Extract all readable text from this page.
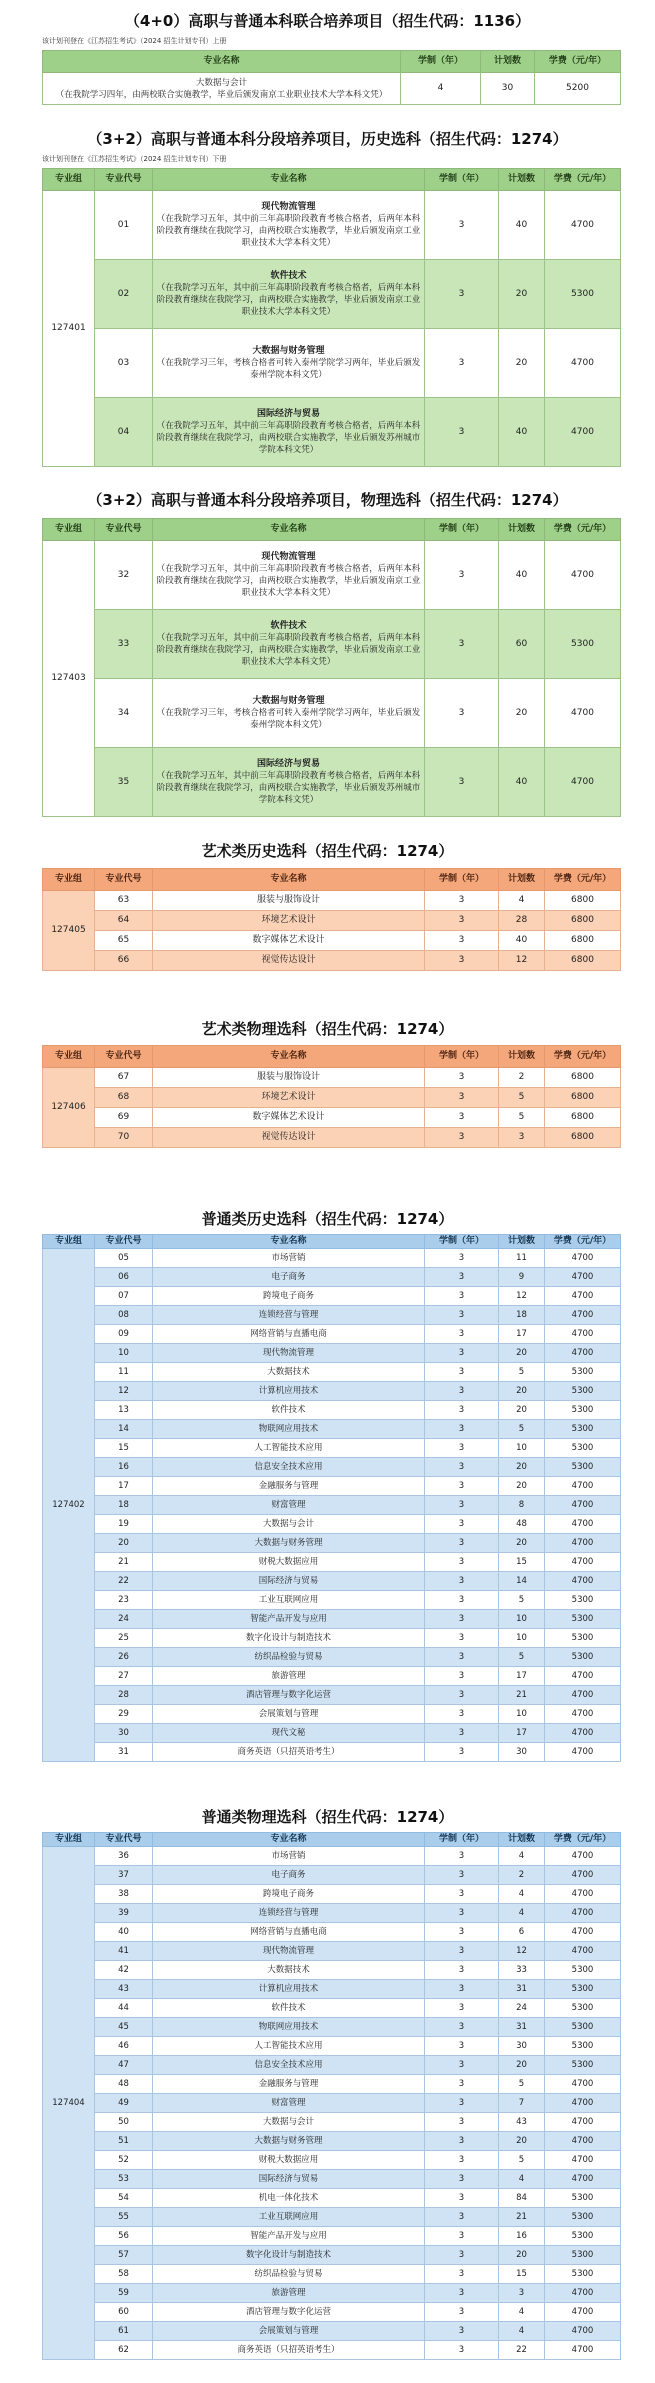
（4+0）高职与普通本科联合培养项目（招生代码：1136）
该计划刊登在《江苏招生考试》（2024 招生计划专刊）上册
专业名称	学制（年）	计划数	学费（元/年）

大数据与会计
（在我院学习四年，由两校联合实施教学，毕业后颁发南京工业职业技术大学本科文凭）	4	30	5200
（3+2）高职与普通本科分段培养项目，历史选科（招生代码：1274）
该计划刊登在《江苏招生考试》（2024 招生计划专刊）下册
专业组	专业代号	专业名称	学制（年）	计划数	学费（元/年）
127401	01	现代物流管理
（在我院学习五年，其中前三年高职阶段教育考核合格者，后两年本科阶段教育继续在我院学习，由两校联合实施教学，毕业后颁发南京工业职业技术大学本科文凭）	3	40	4700
	02	软件技术
（在我院学习五年，其中前三年高职阶段教育考核合格者，后两年本科阶段教育继续在我院学习，由两校联合实施教学，毕业后颁发南京工业职业技术大学本科文凭）	3	20	5300
	03	大数据与财务管理
（在我院学习三年，考核合格者可转入泰州学院学习两年，毕业后颁发泰州学院本科文凭）	3	20	4700
	04	国际经济与贸易
（在我院学习五年，其中前三年高职阶段教育考核合格者，后两年本科阶段教育继续在我院学习，由两校联合实施教学，毕业后颁发苏州城市学院本科文凭）	3	40	4700
（3+2）高职与普通本科分段培养项目，物理选科（招生代码：1274）
专业组	专业代号	专业名称	学制（年）	计划数	学费（元/年）
127403	32	现代物流管理
（在我院学习五年，其中前三年高职阶段教育考核合格者，后两年本科阶段教育继续在我院学习，由两校联合实施教学，毕业后颁发南京工业职业技术大学本科文凭）	3	40	4700
	33	软件技术
（在我院学习五年，其中前三年高职阶段教育考核合格者，后两年本科阶段教育继续在我院学习，由两校联合实施教学，毕业后颁发南京工业职业技术大学本科文凭）	3	60	5300
	34	大数据与财务管理
（在我院学习三年，考核合格者可转入泰州学院学习两年，毕业后颁发泰州学院本科文凭）	3	20	4700
	35	国际经济与贸易
（在我院学习五年，其中前三年高职阶段教育考核合格者，后两年本科阶段教育继续在我院学习，由两校联合实施教学，毕业后颁发苏州城市学院本科文凭）	3	40	4700
艺术类历史选科（招生代码：1274）
专业组	专业代号	专业名称	学制（年）	计划数	学费（元/年）
127405	63	服装与服饰设计	3	4	6800
	64	环境艺术设计	3	28	6800
	65	数字媒体艺术设计	3	40	6800
	66	视觉传达设计	3	12	6800
艺术类物理选科（招生代码：1274）
专业组	专业代号	专业名称	学制（年）	计划数	学费（元/年）
127406	67	服装与服饰设计	3	2	6800
	68	环境艺术设计	3	5	6800
	69	数字媒体艺术设计	3	5	6800
	70	视觉传达设计	3	3	6800
普通类历史选科（招生代码：1274）
专业组	专业代号	专业名称	学制（年）	计划数	学费（元/年）
127402	05	市场营销	3	11	4700
	06	电子商务	3	9	4700
	07	跨境电子商务	3	12	4700
	08	连锁经营与管理	3	18	4700
	09	网络营销与直播电商	3	17	4700
	10	现代物流管理	3	20	4700
	11	大数据技术	3	5	5300
	12	计算机应用技术	3	20	5300
	13	软件技术	3	20	5300
	14	物联网应用技术	3	5	5300
	15	人工智能技术应用	3	10	5300
	16	信息安全技术应用	3	20	5300
	17	金融服务与管理	3	20	4700
	18	财富管理	3	8	4700
	19	大数据与会计	3	48	4700
	20	大数据与财务管理	3	20	4700
	21	财税大数据应用	3	15	4700
	22	国际经济与贸易	3	14	4700
	23	工业互联网应用	3	5	5300
	24	智能产品开发与应用	3	10	5300
	25	数字化设计与制造技术	3	10	5300
	26	纺织品检验与贸易	3	5	5300
	27	旅游管理	3	17	4700
	28	酒店管理与数字化运营	3	21	4700
	29	会展策划与管理	3	10	4700
	30	现代文秘	3	17	4700
	31	商务英语（只招英语考生）	3	30	4700
普通类物理选科（招生代码：1274）
专业组	专业代号	专业名称	学制（年）	计划数	学费（元/年）
127404	36	市场营销	3	4	4700
	37	电子商务	3	2	4700
	38	跨境电子商务	3	4	4700
	39	连锁经营与管理	3	4	4700
	40	网络营销与直播电商	3	6	4700
	41	现代物流管理	3	12	4700
	42	大数据技术	3	33	5300
	43	计算机应用技术	3	31	5300
	44	软件技术	3	24	5300
	45	物联网应用技术	3	31	5300
	46	人工智能技术应用	3	30	5300
	47	信息安全技术应用	3	20	5300
	48	金融服务与管理	3	5	4700
	49	财富管理	3	7	4700
	50	大数据与会计	3	43	4700
	51	大数据与财务管理	3	20	4700
	52	财税大数据应用	3	5	4700
	53	国际经济与贸易	3	4	4700
	54	机电一体化技术	3	84	5300
	55	工业互联网应用	3	21	5300
	56	智能产品开发与应用	3	16	5300
	57	数字化设计与制造技术	3	20	5300
	58	纺织品检验与贸易	3	15	5300
	59	旅游管理	3	3	4700
	60	酒店管理与数字化运营	3	4	4700
	61	会展策划与管理	3	4	4700
	62	商务英语（只招英语考生）	3	22	4700
